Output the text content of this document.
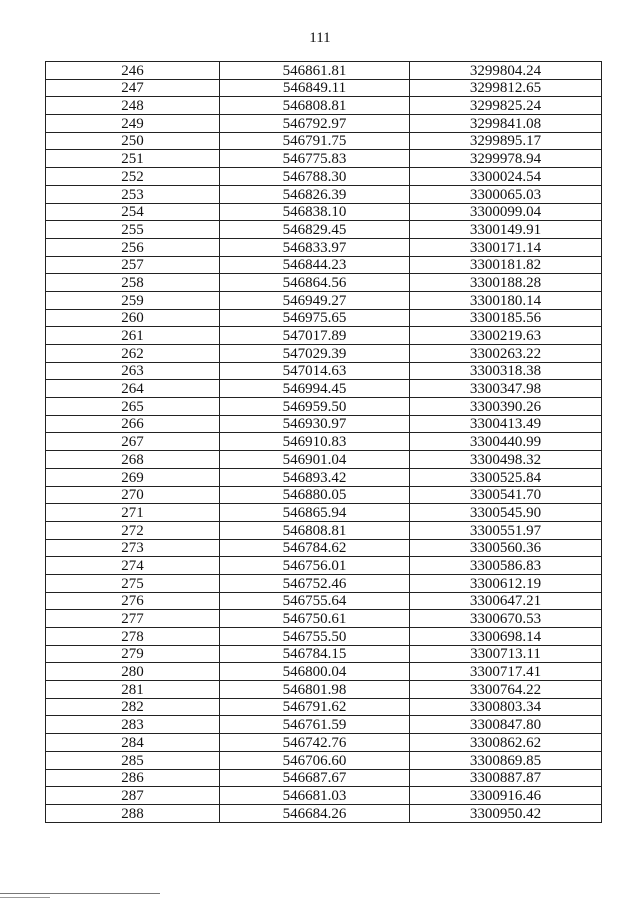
111
246	546861.81	3299804.24
247	546849.11	3299812.65
248	546808.81	3299825.24
249	546792.97	3299841.08
250	546791.75	3299895.17
251	546775.83	3299978.94
252	546788.30	3300024.54
253	546826.39	3300065.03
254	546838.10	3300099.04
255	546829.45	3300149.91
256	546833.97	3300171.14
257	546844.23	3300181.82
258	546864.56	3300188.28
259	546949.27	3300180.14
260	546975.65	3300185.56
261	547017.89	3300219.63
262	547029.39	3300263.22
263	547014.63	3300318.38
264	546994.45	3300347.98
265	546959.50	3300390.26
266	546930.97	3300413.49
267	546910.83	3300440.99
268	546901.04	3300498.32
269	546893.42	3300525.84
270	546880.05	3300541.70
271	546865.94	3300545.90
272	546808.81	3300551.97
273	546784.62	3300560.36
274	546756.01	3300586.83
275	546752.46	3300612.19
276	546755.64	3300647.21
277	546750.61	3300670.53
278	546755.50	3300698.14
279	546784.15	3300713.11
280	546800.04	3300717.41
281	546801.98	3300764.22
282	546791.62	3300803.34
283	546761.59	3300847.80
284	546742.76	3300862.62
285	546706.60	3300869.85
286	546687.67	3300887.87
287	546681.03	3300916.46
288	546684.26	3300950.42
